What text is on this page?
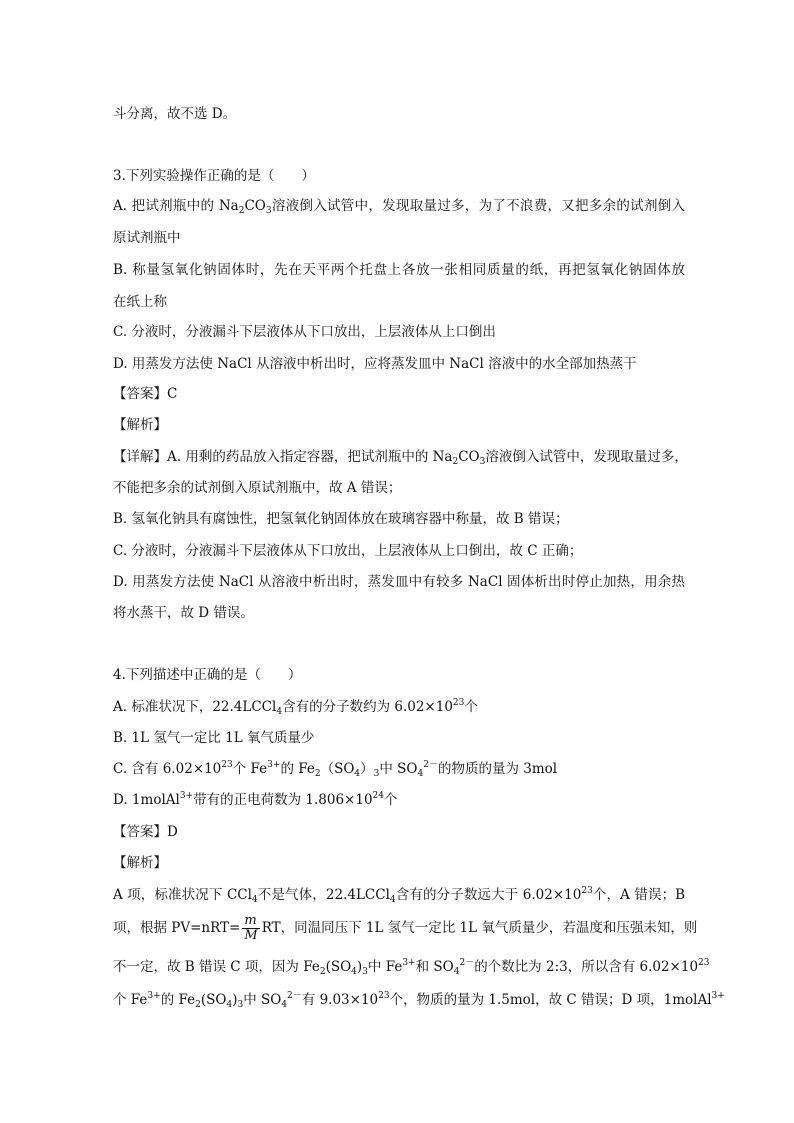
斗分离，故不选 D。
3.下列实验操作正确的是（　　）
A. 把试剂瓶中的 $Na_2CO_3$溶液倒入试管中，发现取量过多，为了不浪费，又把多余的试剂倒入
原试剂瓶中
B. 称量氢氧化钠固体时，先在天平两个托盘上各放一张相同质量的纸，再把氢氧化钠固体放
在纸上称
C. 分液时，分液漏斗下层液体从下口放出，上层液体从上口倒出
D. 用蒸发方法使 NaCl 从溶液中析出时，应将蒸发皿中 NaCl 溶液中的水全部加热蒸干
【答案】C
【解析】
【详解】A. 用剩的药品放入指定容器，把试剂瓶中的 $Na_2CO_3$溶液倒入试管中，发现取量过多，
不能把多余的试剂倒入原试剂瓶中，故 A 错误；
B. 氢氧化钠具有腐蚀性，把氢氧化钠固体放在玻璃容器中称量，故 B 错误；
C. 分液时，分液漏斗下层液体从下口放出，上层液体从上口倒出，故 C 正确；
D. 用蒸发方法使 NaCl 从溶液中析出时，蒸发皿中有较多 NaCl 固体析出时停止加热，用余热
将水蒸干，故 D 错误。
4.下列描述中正确的是（　　）
A. 标准状况下，22.4LCCl$_4$含有的分子数约为 $6.02\times 10^{23}$个
B. 1L 氢气一定比 1L 氧气质量少
C. 含有 $6.02\times 10^{23}$个 $Fe^{3+}$的 $Fe_2(SO_4)_3$中 $SO_4^{2-}$的物质的量为 3mol
D. 1molAl$^{3+}$带有的正电荷数为 $1.806\times 10^{24}$个
【答案】D
【解析】
A 项，标准状况下 CCl$_4$不是气体，22.4LCCl$_4$含有的分子数远大于 $6.02\times 10^{23}$个，A 错误；B
项，根据 $PV=nRT= \frac{m}{M}$ RT，同温同压下 1L 氢气一定比 1L 氧气质量少，若温度和压强未知，则
不一定，故 B 错误 C 项，因为 $Fe_2(SO_4)_3$中 $Fe^{3+}$和 $SO_4^{2-}$的个数比为 2:3，所以含有 $6.02\times 10^{23}$
个 $Fe^{3+}$的 $Fe_2(SO_4)_3$中 $SO_4^{2-}$有 $9.03\times 10^{23}$个，物质的量为 1.5mol，故 C 错误；D 项，1molAl$^{3+}$
